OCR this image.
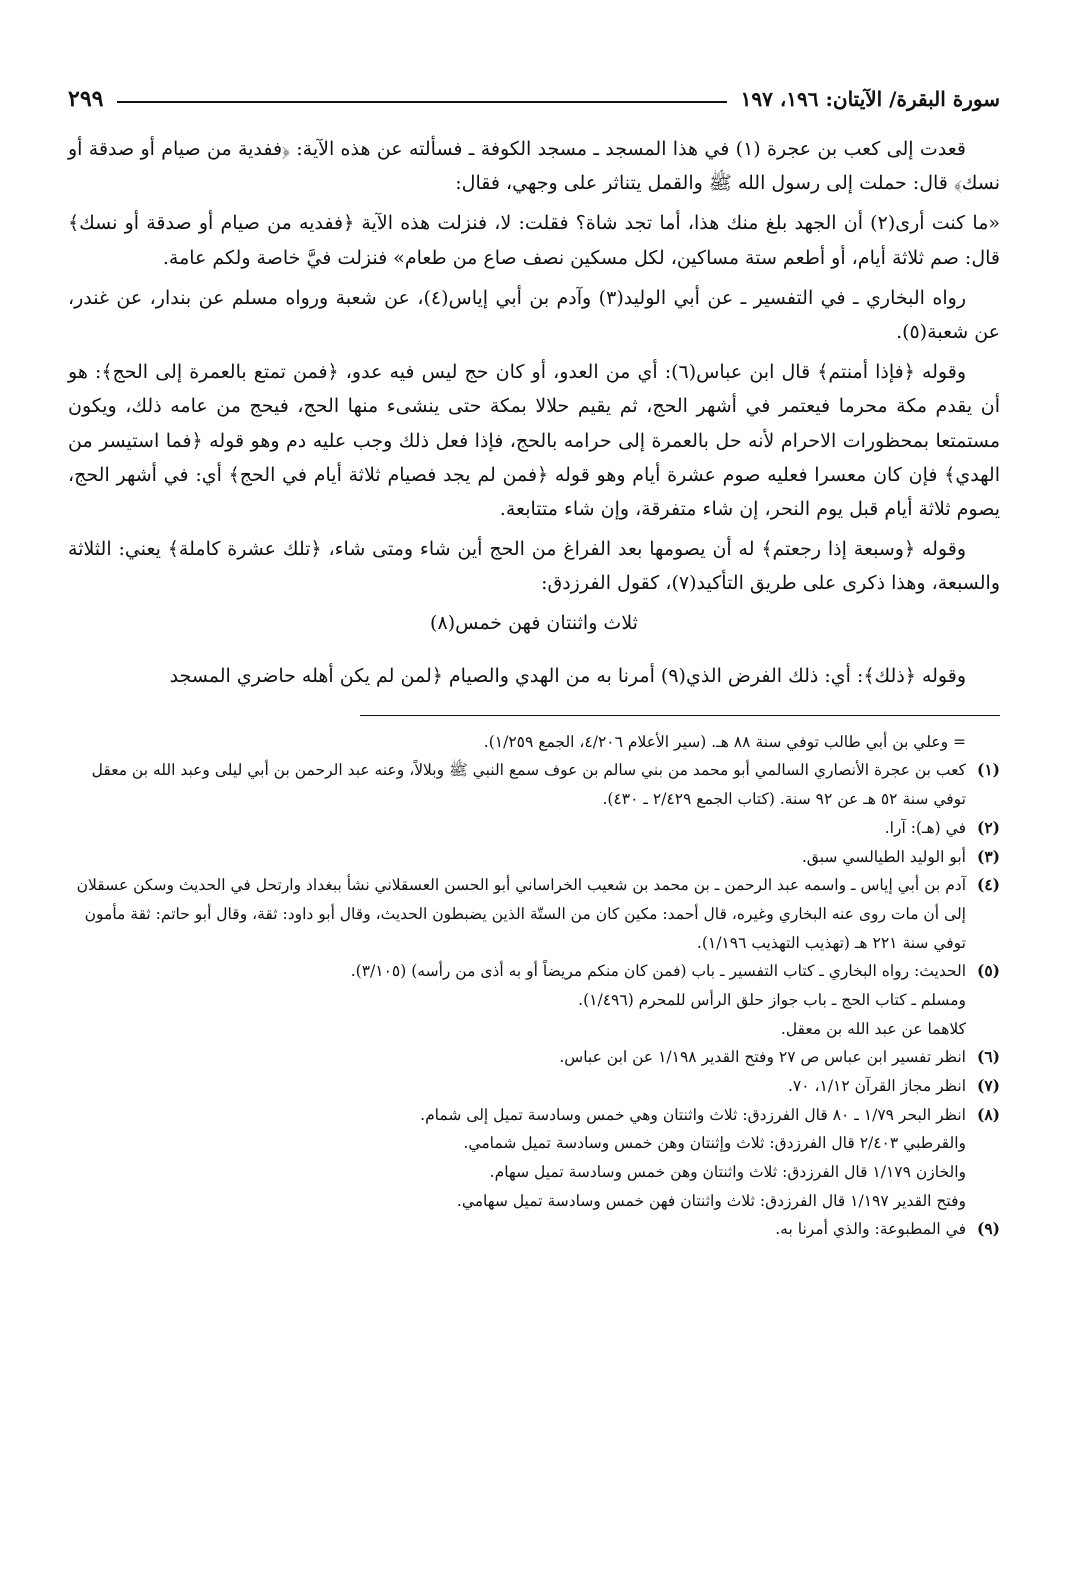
سورة البقرة/ الآيتان: ١٩٦، ١٩٧
٢٩٩

قعدت إلى كعب بن عجرة (١) في هذا المسجد ـ مسجد الكوفة ـ فسألته عن هذه الآية: ﴿ففدية من صيام أو صدقة أو نسك﴾ قال: حملت إلى رسول الله ﷺ والقمل يتناثر على وجهي، فقال:

«ما كنت أرى(٢) أن الجهد بلغ منك هذا، أما تجد شاة؟ فقلت: لا، فنزلت هذه الآية ﴿ففديه من صيام أو صدقة أو نسك﴾ قال: صم ثلاثة أيام، أو أطعم ستة مساكين، لكل مسكين نصف صاع من طعام» فنزلت فيَّ خاصة ولكم عامة.

رواه البخاري ـ في التفسير ـ عن أبي الوليد(٣) وآدم بن أبي إياس(٤)، عن شعبة ورواه مسلم عن بندار، عن غندر، عن شعبة(٥).

وقوله ﴿فإذا أمنتم﴾ قال ابن عباس(٦): أي من العدو، أو كان حج ليس فيه عدو، ﴿فمن تمتع بالعمرة إلى الحج﴾: هو أن يقدم مكة محرما فيعتمر في أشهر الحج، ثم يقيم حلالا بمكة حتى ينشىء منها الحج، فيحج من عامه ذلك، ويكون مستمتعا بمحظورات الاحرام لأنه حل بالعمرة إلى حرامه بالحج، فإذا فعل ذلك وجب عليه دم وهو قوله ﴿فما استيسر من الهدي﴾ فإن كان معسرا فعليه صوم عشرة أيام وهو قوله ﴿فمن لم يجد فصيام ثلاثة أيام في الحج﴾ أي: في أشهر الحج، يصوم ثلاثة أيام قبل يوم النحر، إن شاء متفرقة، وإن شاء متتابعة.

وقوله ﴿وسبعة إذا رجعتم﴾ له أن يصومها بعد الفراغ من الحج أين شاء ومتى شاء، ﴿تلك عشرة كاملة﴾ يعني: الثلاثة والسبعة، وهذا ذكرى على طريق التأكيد(٧)، كقول الفرزدق:

ثلاث واثنتان فهن خمس(٨)

وقوله ﴿ذلك﴾: أي: ذلك الفرض الذي(٩) أمرنا به من الهدي والصيام ﴿لمن لم يكن أهله حاضري المسجد

= وعلي بن أبي طالب توفي سنة ٨٨ هـ. (سير الأعلام ٤/٢٠٦، الجمع ١/٢٥٩).
(١)
كعب بن عجرة الأنصاري السالمي أبو محمد من بني سالم بن عوف سمع النبي ﷺ وبلالاً، وعنه عبد الرحمن بن أبي ليلى وعبد الله بن معقل توفي سنة ٥٢ هـ عن ٩٢ سنة. (كتاب الجمع ٢/٤٢٩ ـ ٤٣٠).
(٢)
في (هـ): آرا.
(٣)
أبو الوليد الطيالسي سبق.
(٤)
آدم بن أبي إياس ـ واسمه عبد الرحمن ـ بن محمد بن شعيب الخراساني أبو الحسن العسقلاني نشأ ببغداد وارتحل في الحديث وسكن عسقلان إلى أن مات روى عنه البخاري وغيره، قال أحمد: مكين كان من الستّة الذين يضبطون الحديث، وقال أبو داود: ثقة، وقال أبو حاتم: ثقة مأمون توفي سنة ٢٢١ هـ (تهذيب التهذيب ١/١٩٦).
(٥)
الحديث: رواه البخاري ـ كتاب التفسير ـ باب (فمن كان منكم مريضاً أو به أذى من رأسه) (٣/١٠٥).
ومسلم ـ كتاب الحج ـ باب جواز حلق الرأس للمحرم (١/٤٩٦).
كلاهما عن عبد الله بن معقل.
(٦)
انظر تفسير ابن عباس ص ٢٧ وفتح القدير ١/١٩٨ عن ابن عباس.
(٧)
انظر مجاز القرآن ١/١٢، ٧٠.
(٨)
انظر البحر ١/٧٩ ـ ٨٠ قال الفرزدق: ثلاث واثنتان وهي خمس وسادسة تميل إلى شمام.
والقرطبي ٢/٤٠٣ قال الفرزدق: ثلاث وإثنتان وهن خمس وسادسة تميل شمامي.
والخازن ١/١٧٩ قال الفرزدق: ثلاث واثنتان وهن خمس وسادسة تميل سهام.
وفتح القدير ١/١٩٧ قال الفرزدق: ثلاث واثنتان فهن خمس وسادسة تميل سهامي.
(٩)
في المطبوعة: والذي أمرنا به.
